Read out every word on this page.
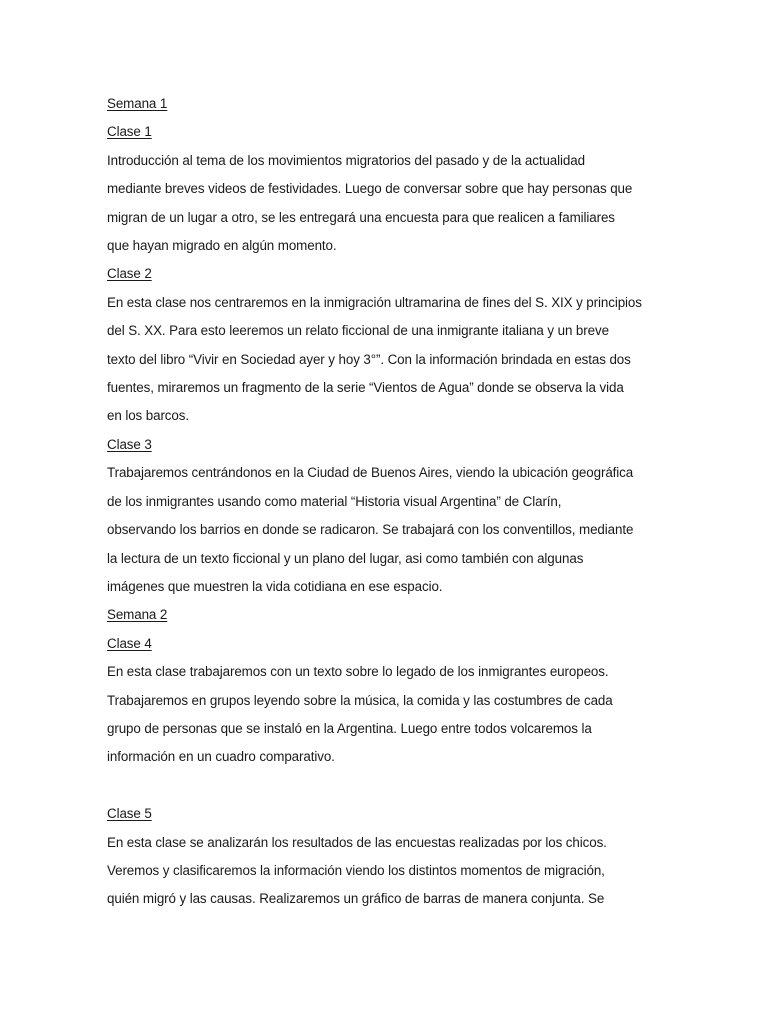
Semana 1
Clase 1
Introducción al tema de los movimientos migratorios del pasado y de la actualidad
mediante breves videos de festividades. Luego de conversar sobre que hay personas que
migran de un lugar a otro, se les entregará una encuesta para que realicen a familiares
que hayan migrado en algún momento.
Clase 2
En esta clase nos centraremos en la inmigración ultramarina de fines del S. XIX y principios
del S. XX. Para esto leeremos un relato ficcional de una inmigrante italiana y un breve
texto del libro “Vivir en Sociedad ayer y hoy 3°”. Con la información brindada en estas dos
fuentes, miraremos un fragmento de la serie “Vientos de Agua” donde se observa la vida
en los barcos.
Clase 3
Trabajaremos centrándonos en la Ciudad de Buenos Aires, viendo la ubicación geográfica
de los inmigrantes usando como material “Historia visual Argentina” de Clarín,
observando los barrios en donde se radicaron. Se trabajará con los conventillos, mediante
la lectura de un texto ficcional y un plano del lugar, asi como también con algunas
imágenes que muestren la vida cotidiana en ese espacio.
Semana 2
Clase 4
En esta clase trabajaremos con un texto sobre lo legado de los inmigrantes europeos.
Trabajaremos en grupos leyendo sobre la música, la comida y las costumbres de cada
grupo de personas que se instaló en la Argentina. Luego entre todos volcaremos la
información en un cuadro comparativo.
Clase 5
En esta clase se analizarán los resultados de las encuestas realizadas por los chicos.
Veremos y clasificaremos la información viendo los distintos momentos de migración,
quién migró y las causas. Realizaremos un gráfico de barras de manera conjunta. Se
